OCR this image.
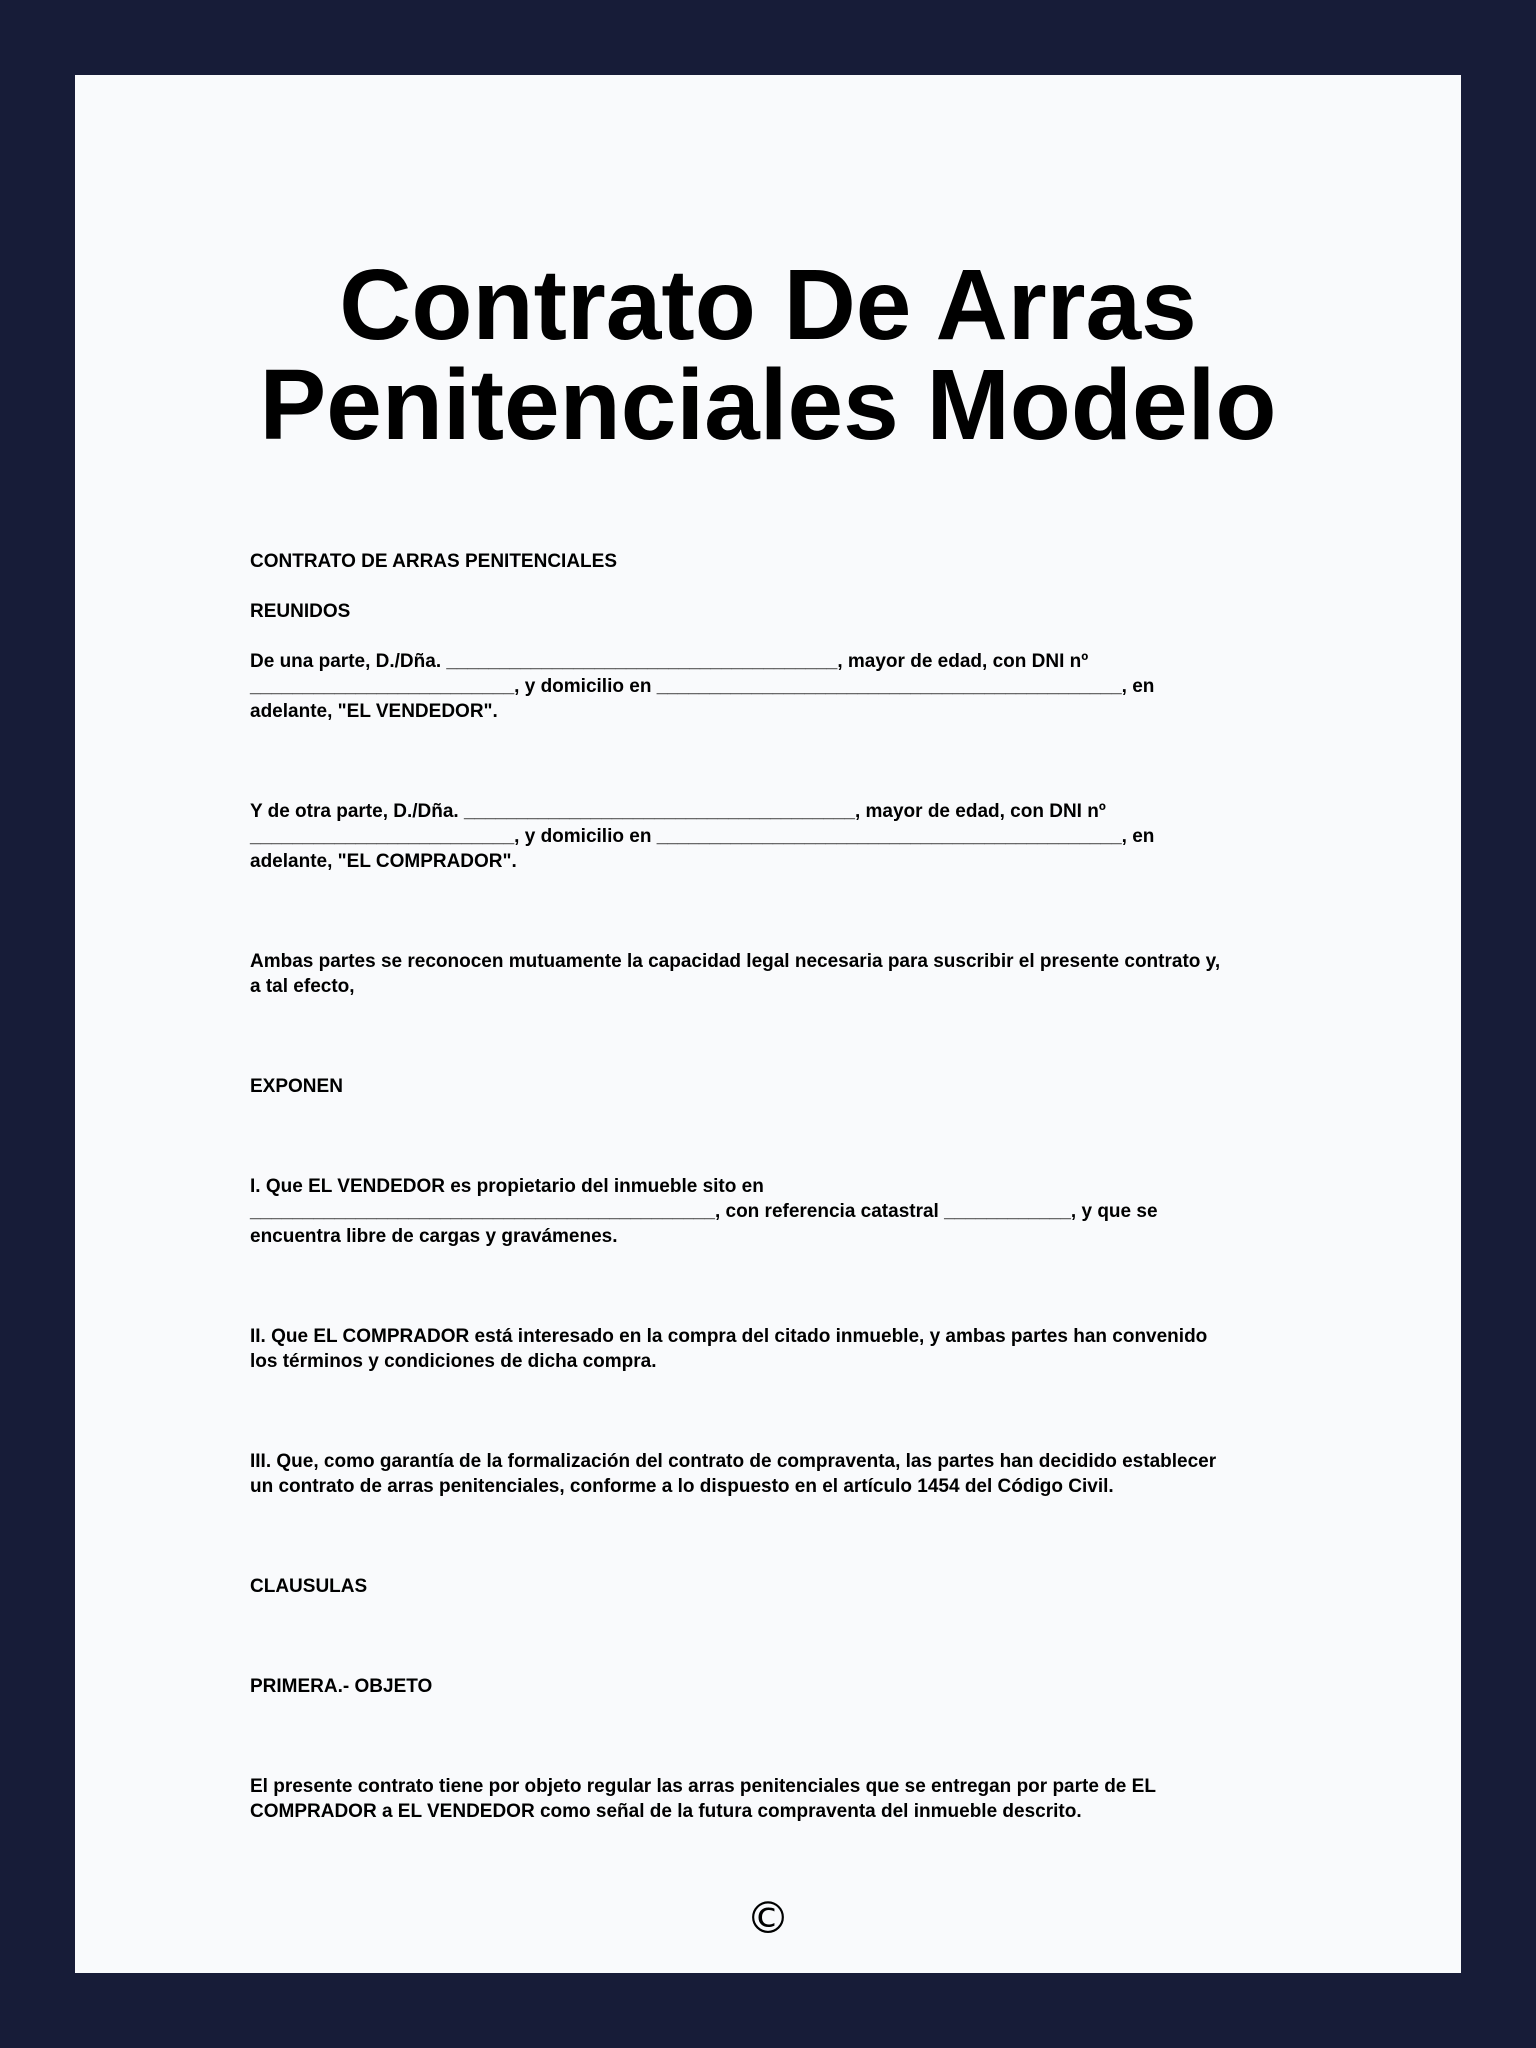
Contrato De Arras
Penitenciales Modelo

CONTRATO DE ARRAS PENITENCIALES

REUNIDOS

De una parte, D./Dña. _____________________________________, mayor de edad, con DNI nº
_________________________, y domicilio en ____________________________________________, en
adelante, "EL VENDEDOR".

Y de otra parte, D./Dña. _____________________________________, mayor de edad, con DNI nº
_________________________, y domicilio en ____________________________________________, en
adelante, "EL COMPRADOR".

Ambas partes se reconocen mutuamente la capacidad legal necesaria para suscribir el presente contrato y,
a tal efecto,

EXPONEN

I. Que EL VENDEDOR es propietario del inmueble sito en
____________________________________________, con referencia catastral ____________, y que se
encuentra libre de cargas y gravámenes.

II. Que EL COMPRADOR está interesado en la compra del citado inmueble, y ambas partes han convenido
los términos y condiciones de dicha compra.

III. Que, como garantía de la formalización del contrato de compraventa, las partes han decidido establecer
un contrato de arras penitenciales, conforme a lo dispuesto en el artículo 1454 del Código Civil.

CLAUSULAS

PRIMERA.- OBJETO

El presente contrato tiene por objeto regular las arras penitenciales que se entregan por parte de EL
COMPRADOR a EL VENDEDOR como señal de la futura compraventa del inmueble descrito.

©
